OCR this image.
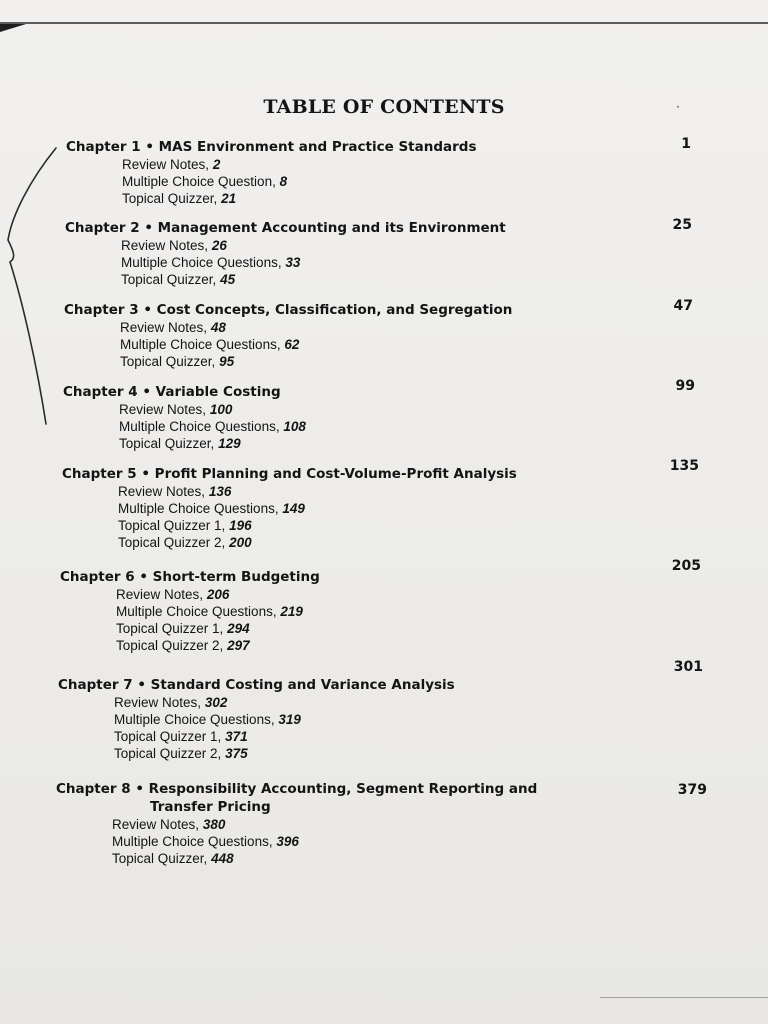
TABLE OF CONTENTS	·
Chapter 1 • MAS Environment and Practice Standards
Review Notes, 2
Multiple Choice Question, 8
Topical Quizzer, 21
1
Chapter 2 • Management Accounting and its Environment
Review Notes, 26
Multiple Choice Questions, 33
Topical Quizzer, 45
25
Chapter 3 • Cost Concepts, Classification, and Segregation
Review Notes, 48
Multiple Choice Questions, 62
Topical Quizzer, 95
47
Chapter 4 • Variable Costing
Review Notes, 100
Multiple Choice Questions, 108
Topical Quizzer, 129
99
Chapter 5 • Profit Planning and Cost-Volume-Profit Analysis
Review Notes, 136
Multiple Choice Questions, 149
Topical Quizzer 1, 196
Topical Quizzer 2, 200
135
Chapter 6 • Short-term Budgeting
Review Notes, 206
Multiple Choice Questions, 219
Topical Quizzer 1, 294
Topical Quizzer 2, 297
205
Chapter 7 • Standard Costing and Variance Analysis
Review Notes, 302
Multiple Choice Questions, 319
Topical Quizzer 1, 371
Topical Quizzer 2, 375
301
Chapter 8 • Responsibility Accounting, Segment Reporting and
Transfer Pricing
Review Notes, 380
Multiple Choice Questions, 396
Topical Quizzer, 448
379
